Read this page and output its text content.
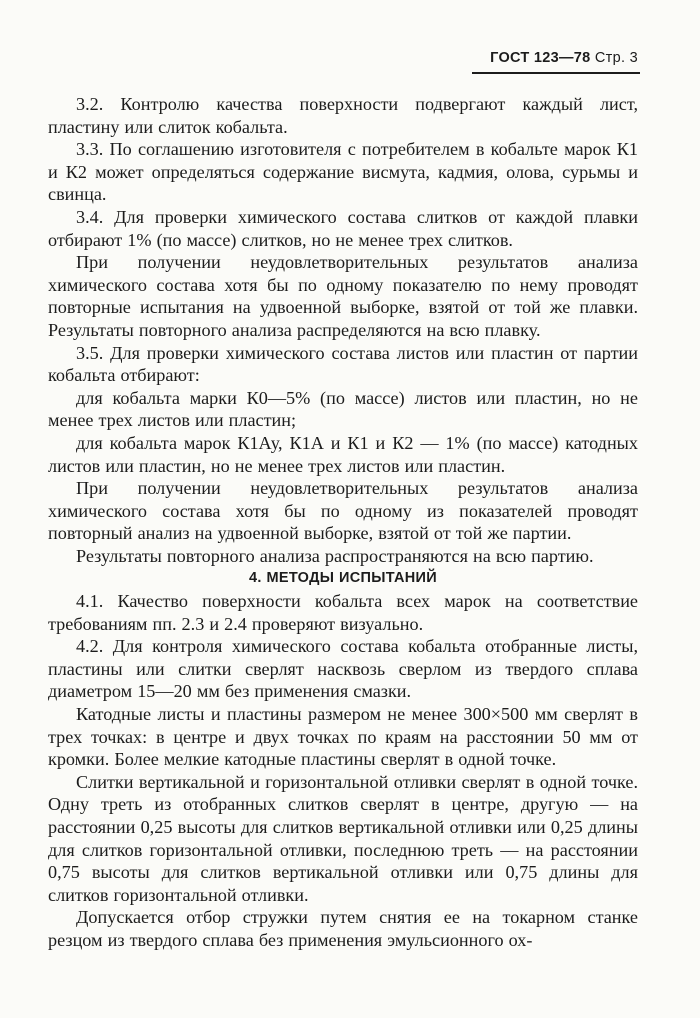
ГОСТ 123—78 Стр. 3

3.2. Контролю качества поверхности подвергают каждый лист, пластину или слиток кобальта.

3.3. По соглашению изготовителя с потребителем в кобальте марок К1 и К2 может определяться содержание висмута, кадмия, олова, сурьмы и свинца.

3.4. Для проверки химического состава слитков от каждой плавки отбирают 1% (по массе) слитков, но не менее трех слитков.

При получении неудовлетворительных результатов анализа химического состава хотя бы по одному показателю по нему проводят повторные испытания на удвоенной выборке, взятой от той же плавки. Результаты повторного анализа распределяются на всю плавку.

3.5. Для проверки химического состава листов или пластин от партии кобальта отбирают:

для кобальта марки К0—5% (по массе) листов или пластин, но не менее трех листов или пластин;

для кобальта марок К1Ау, К1А и К1 и К2 — 1% (по массе) катодных листов или пластин, но не менее трех листов или пластин.

При получении неудовлетворительных результатов анализа химического состава хотя бы по одному из показателей проводят повторный анализ на удвоенной выборке, взятой от той же партии.

Результаты повторного анализа распространяются на всю партию.

4. МЕТОДЫ ИСПЫТАНИЙ

4.1. Качество поверхности кобальта всех марок на соответствие требованиям пп. 2.3 и 2.4 проверяют визуально.

4.2. Для контроля химического состава кобальта отобранные листы, пластины или слитки сверлят насквозь сверлом из твердого сплава диаметром 15—20 мм без применения смазки.

Катодные листы и пластины размером не менее 300×500 мм сверлят в трех точках: в центре и двух точках по краям на расстоянии 50 мм от кромки. Более мелкие катодные пластины сверлят в одной точке.

Слитки вертикальной и горизонтальной отливки сверлят в одной точке. Одну треть из отобранных слитков сверлят в центре, другую — на расстоянии 0,25 высоты для слитков вертикальной отливки или 0,25 длины для слитков горизонтальной отливки, последнюю треть — на расстоянии 0,75 высоты для слитков вертикальной отливки или 0,75 длины для слитков горизонтальной отливки.

Допускается отбор стружки путем снятия ее на токарном станке резцом из твердого сплава без применения эмульсионного ох-
